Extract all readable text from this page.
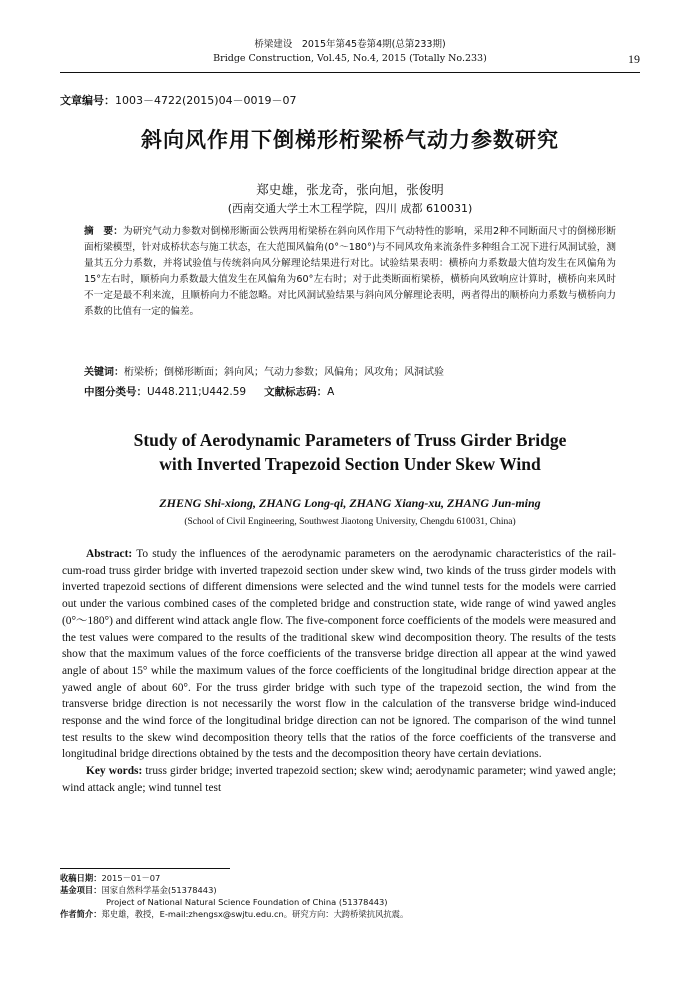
桥梁建设　2015年第45卷第4期(总第233期)
Bridge Construction, Vol.45, No.4, 2015 (Totally No.233)	19
文章编号：1003－4722(2015)04－0019－07
斜向风作用下倒梯形桁梁桥气动力参数研究
郑史雄，张龙奇，张向旭，张俊明
(西南交通大学土木工程学院，四川 成都 610031)
摘　要：为研究气动力参数对倒梯形断面公铁两用桁梁桥在斜向风作用下气动特性的影响，采用2种不同断面尺寸的倒梯形断面桁梁模型，针对成桥状态与施工状态，在大范围风偏角(0°～180°)与不同风攻角来流条件多种组合工况下进行风洞试验，测量其五分力系数，并将试验值与传统斜向风分解理论结果进行对比。试验结果表明：横桥向力系数最大值均发生在风偏角为15°左右时，顺桥向力系数最大值发生在风偏角为60°左右时；对于此类断面桁梁桥，横桥向风致响应计算时，横桥向来风时不一定是最不利来流，且顺桥向力不能忽略。对比风洞试验结果与斜向风分解理论表明，两者得出的顺桥向力系数与横桥向力系数的比值有一定的偏差。
关键词：桁梁桥；倒梯形断面；斜向风；气动力参数；风偏角；风攻角；风洞试验
中图分类号：U448.211;U442.59 文献标志码：A
Study of Aerodynamic Parameters of Truss Girder Bridge
with Inverted Trapezoid Section Under Skew Wind
ZHENG Shi-xiong, ZHANG Long-qi, ZHANG Xiang-xu, ZHANG Jun-ming
(School of Civil Engineering, Southwest Jiaotong University, Chengdu 610031, China)

Abstract: To study the influences of the aerodynamic parameters on the aerodynamic characteristics of the rail-cum-road truss girder bridge with inverted trapezoid section under skew wind, two kinds of the truss girder models with inverted trapezoid sections of different dimensions were selected and the wind tunnel tests for the models were carried out under the various combined cases of the completed bridge and construction state, wide range of wind yawed angles (0°～180°) and different wind attack angle flow. The five-component force coefficients of the models were measured and the test values were compared to the results of the traditional skew wind decomposition theory. The results of the tests show that the maximum values of the force coefficients of the transverse bridge direction all appear at the wind yawed angle of about 15° while the maximum values of the force coefficients of the longitudinal bridge direction appear at the yawed angle of about 60°. For the truss girder bridge with such type of the trapezoid section, the wind from the transverse bridge direction is not necessarily the worst flow in the calculation of the transverse bridge wind-induced response and the wind force of the longitudinal bridge direction can not be ignored. The comparison of the wind tunnel test results to the skew wind decomposition theory tells that the ratios of the force coefficients of the transverse and longitudinal bridge directions obtained by the tests and the decomposition theory have certain deviations.

Key words: truss girder bridge; inverted trapezoid section; skew wind; aerodynamic parameter; wind yawed angle; wind attack angle; wind tunnel test

收稿日期：2015－01－07
基金项目：国家自然科学基金(51378443)
Project of National Natural Science Foundation of China (51378443)
作者简介：郑史雄，教授，E-mail:zhengsx@swjtu.edu.cn。研究方向：大跨桥梁抗风抗震。
